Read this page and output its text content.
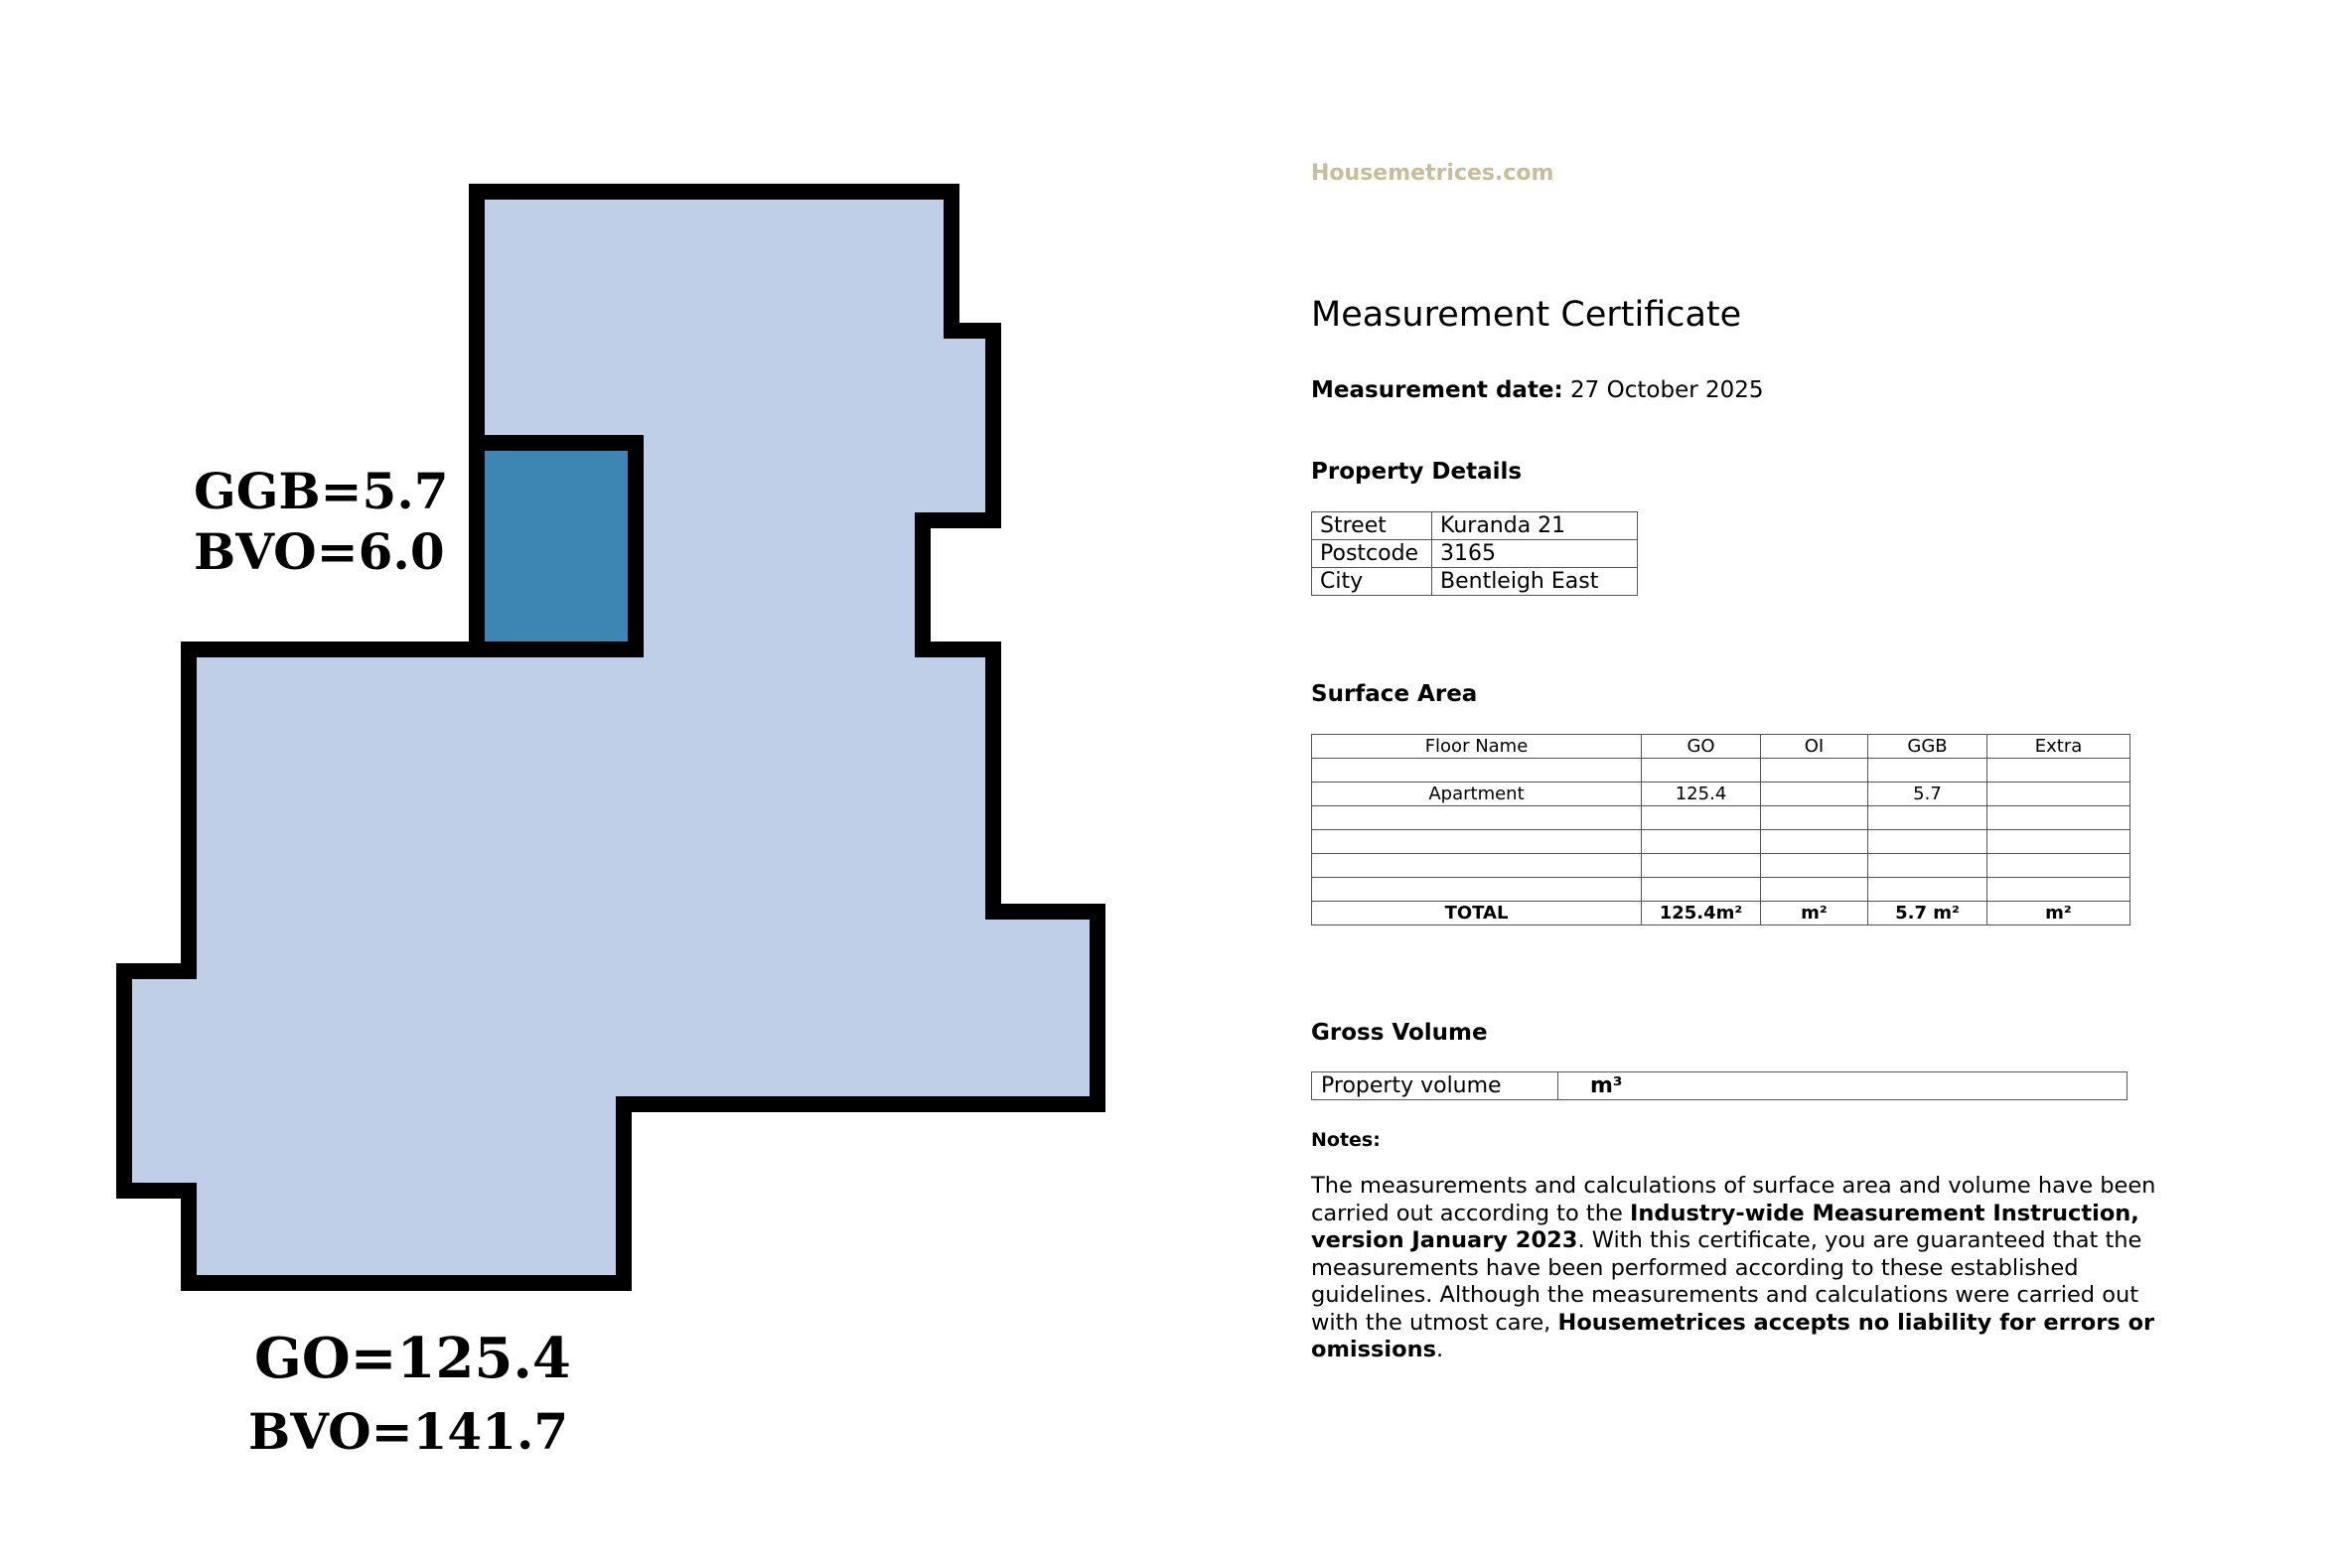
GGB=5.7
BVO=6.0
GO=125.4
BVO=141.7
Housemetrices.com
Measurement Certificate
Measurement date: 27 October 2025
Property Details
Street	Kuranda 21
Postcode	3165
City	Bentleigh East
Surface Area
Floor Name	GO	OI	GGB	Extra

Apartment	125.4		5.7	

TOTAL	125.4m²	m²	5.7 m²	m²
Gross Volume
Property volume	m³
Notes:
The measurements and calculations of surface area and volume have been carried out according to the Industry-wide Measurement Instruction, version January 2023. With this certificate, you are guaranteed that the measurements have been performed according to these established guidelines. Although the measurements and calculations were carried out with the utmost care, Housemetrices accepts no liability for errors or omissions.
